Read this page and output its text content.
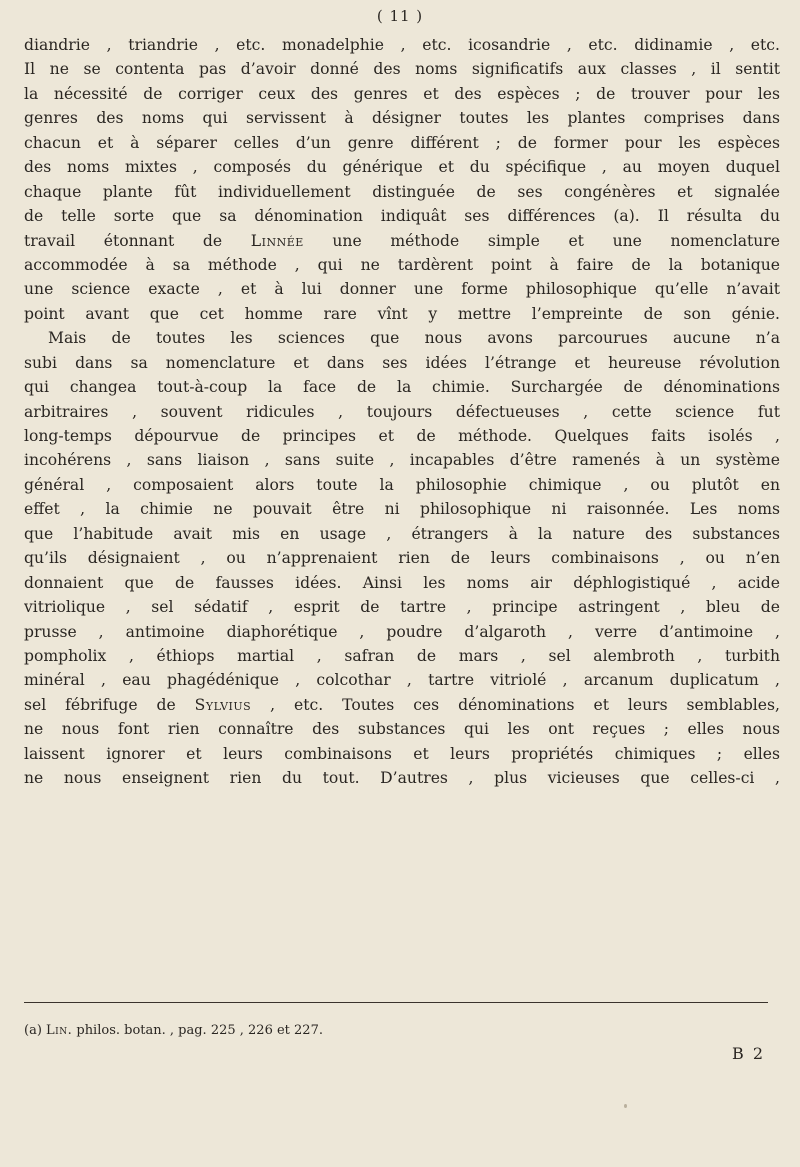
( 11 )
diandrie , triandrie , etc. monadelphie , etc. icosandrie , etc. didinamie , etc.
Il ne se contenta pas d’avoir donné des noms significatifs aux classes , il sentit
la nécessité de corriger ceux des genres et des espèces ; de trouver pour les
genres des noms qui servissent à désigner toutes les plantes comprises dans
chacun et à séparer celles d’un genre différent ; de former pour les espèces
des noms mixtes , composés du générique et du spécifique , au moyen duquel
chaque plante fût individuellement distinguée de ses congénères et signalée
de telle sorte que sa dénomination indiquât ses différences (a). Il résulta du
travail étonnant de Linnée une méthode simple et une nomenclature
accommodée à sa méthode , qui ne tardèrent point à faire de la botanique
une science exacte , et à lui donner une forme philosophique qu’elle n’avait
point avant que cet homme rare vînt y mettre l’empreinte de son génie.
Mais de toutes les sciences que nous avons parcourues aucune n’a
subi dans sa nomenclature et dans ses idées l’étrange et heureuse révolution
qui changea tout-à-coup la face de la chimie. Surchargée de dénominations
arbitraires , souvent ridicules , toujours défectueuses , cette science fut
long-temps dépourvue de principes et de méthode. Quelques faits isolés ,
incohérens , sans liaison , sans suite , incapables d’être ramenés à un système
général , composaient alors toute la philosophie chimique , ou plutôt en
effet , la chimie ne pouvait être ni philosophique ni raisonnée. Les noms
que l’habitude avait mis en usage , étrangers à la nature des substances
qu’ils désignaient , ou n’apprenaient rien de leurs combinaisons , ou n’en
donnaient que de fausses idées. Ainsi les noms air déphlogistiqué , acide
vitriolique , sel sédatif , esprit de tartre , principe astringent , bleu de
prusse , antimoine diaphorétique , poudre d’algaroth , verre d’antimoine ,
pompholix , éthiops martial , safran de mars , sel alembroth , turbith
minéral , eau phagédénique , colcothar , tartre vitriolé , arcanum duplicatum ,
sel fébrifuge de Sylvius , etc. Toutes ces dénominations et leurs semblables,
ne nous font rien connaître des substances qui les ont reçues ; elles nous
laissent ignorer et leurs combinaisons et leurs propriétés chimiques ; elles
ne nous enseignent rien du tout. D’autres , plus vicieuses que celles-ci ,
(a) Lin. philos. botan. , pag. 225 , 226 et 227.
B 2
